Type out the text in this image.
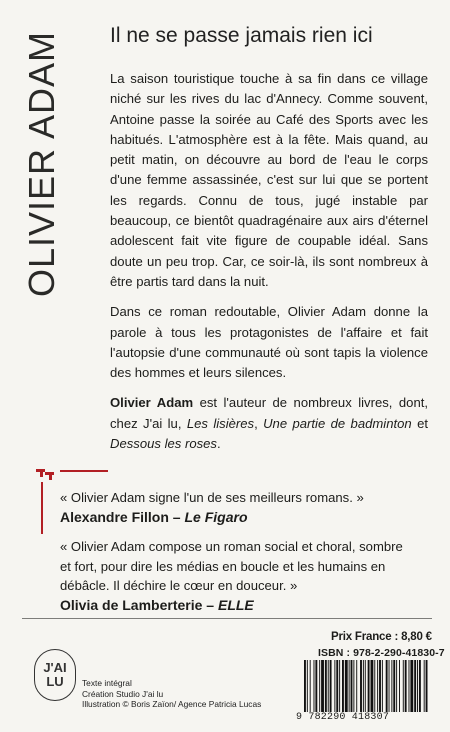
OLIVIER ADAM Il ne se passe jamais rien ici

La saison touristique touche à sa fin dans ce village niché sur les rives du lac d'Annecy. Comme souvent, Antoine passe la soirée au Café des Sports avec les habitués. L'atmosphère est à la fête. Mais quand, au petit matin, on découvre au bord de l'eau le corps d'une femme assassinée, c'est sur lui que se portent les regards. Connu de tous, jugé instable par beaucoup, ce bientôt quadragénaire aux airs d'éternel adolescent fait vite figure de coupable idéal. Sans doute un peu trop. Car, ce soir-là, ils sont nombreux à être partis tard dans la nuit.

Dans ce roman redoutable, Olivier Adam donne la parole à tous les protagonistes de l'affaire et fait l'autopsie d'une communauté où sont tapis la violence des hommes et leurs silences.

Olivier Adam est l'auteur de nombreux livres, dont, chez J'ai lu, Les lisières, Une partie de badminton et Dessous les roses.

« Olivier Adam signe l'un de ses meilleurs romans. »

Alexandre Fillon – Le Figaro

« Olivier Adam compose un roman social et choral, sombre et fort, pour dire les médias en boucle et les humains en débâcle. Il déchire le cœur en douceur. »

Olivia de Lamberterie – ELLE

J'AI
LU Texte intégral
Création Studio J'ai lu
Illustration © Boris Zaïon/ Agence Patricia Lucas
Prix France : 8,80 €
ISBN : 978-2-290-41830-7
9 782290 418307
